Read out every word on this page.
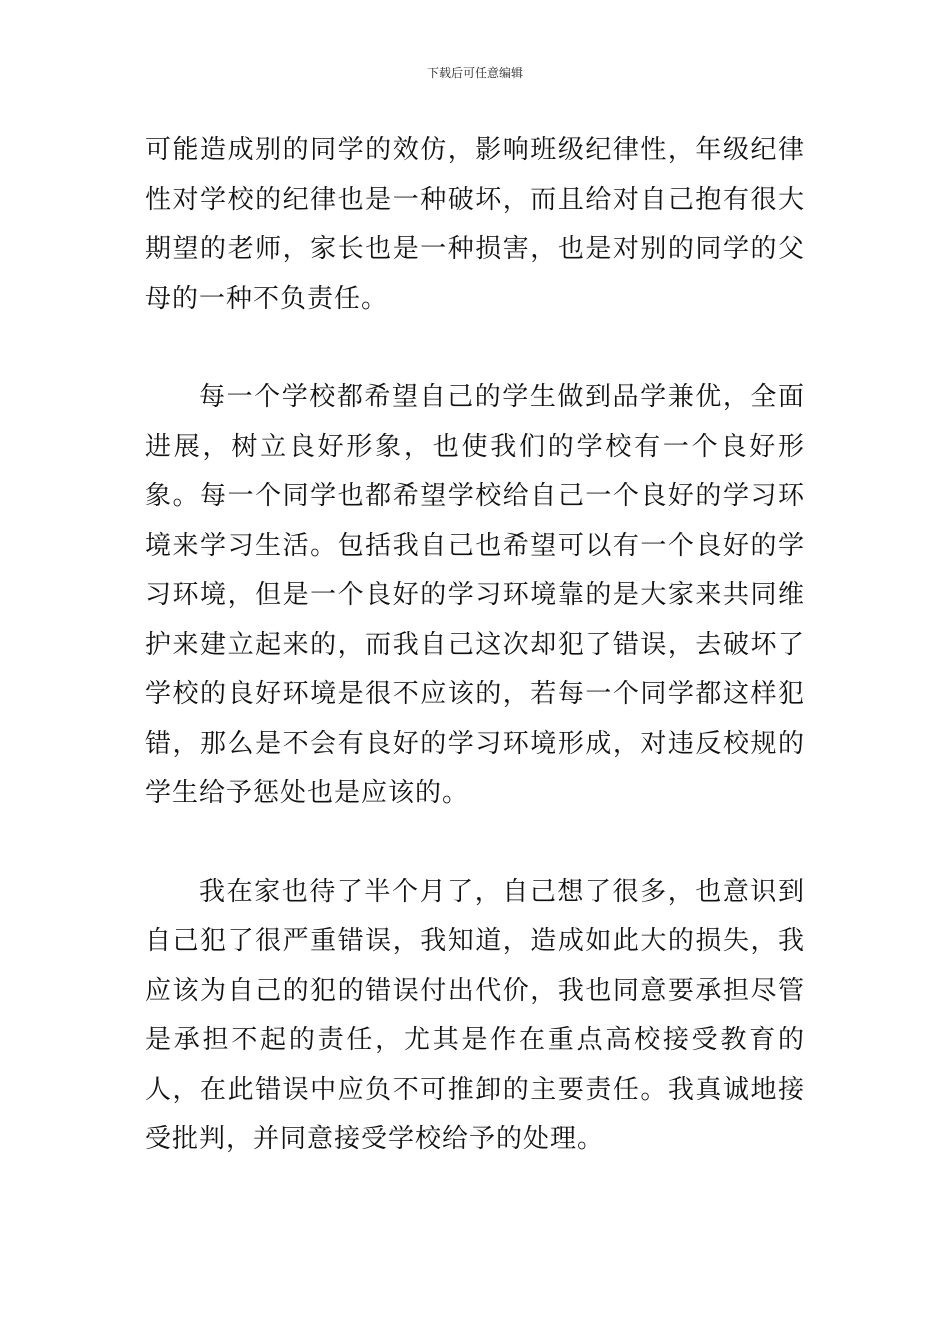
下载后可任意编辑

可能造成别的同学的效仿，影响班级纪律性，年级纪律性对学校的纪律也是一种破坏，而且给对自己抱有很大期望的老师，家长也是一种损害，也是对别的同学的父母的一种不负责任。

每一个学校都希望自己的学生做到品学兼优，全面进展，树立良好形象，也使我们的学校有一个良好形象。每一个同学也都希望学校给自己一个良好的学习环境来学习生活。包括我自己也希望可以有一个良好的学习环境，但是一个良好的学习环境靠的是大家来共同维护来建立起来的，而我自己这次却犯了错误，去破坏了学校的良好环境是很不应该的，若每一个同学都这样犯错，那么是不会有良好的学习环境形成，对违反校规的学生给予惩处也是应该的。

我在家也待了半个月了，自己想了很多，也意识到自己犯了很严重错误，我知道，造成如此大的损失，我应该为自己的犯的错误付出代价，我也同意要承担尽管是承担不起的责任，尤其是作在重点高校接受教育的人，在此错误中应负不可推卸的主要责任。我真诚地接受批判，并同意接受学校给予的处理。
